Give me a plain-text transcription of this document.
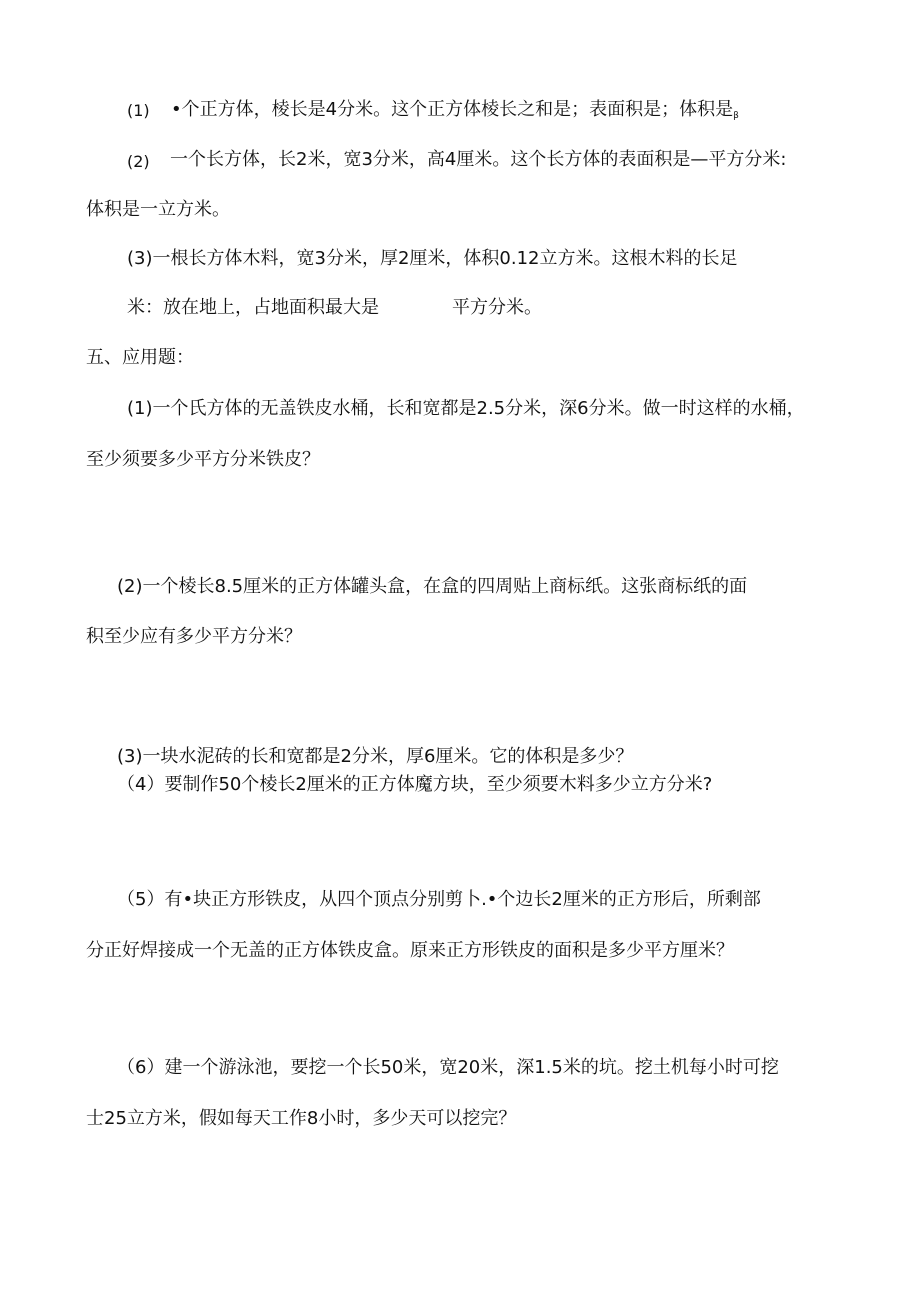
(1) •个正方体，棱长是4分米。这个正方体棱长之和是；表面积是；体积是β
(2) 一个长方体，长2米，宽3分米，高4厘米。这个长方体的表面积是—平方分米:
体积是一立方米。
(3)一根长方体木料，宽3分米，厚2厘米，体积0.12立方米。这根木料的长足
米：放在地上，占地面积最大是	平方分米。
五、应用题：
(1)一个氏方体的无盖铁皮水桶，长和宽都是2.5分米，深6分米。做一时这样的水桶，
至少须要多少平方分米铁皮？
(2)一个棱长8.5厘米的正方体罐头盒，在盒的四周贴上商标纸。这张商标纸的面
积至少应有多少平方分米？
(3)一块水泥砖的长和宽都是2分米，厚6厘米。它的体积是多少？
（4）要制作50个棱长2厘米的正方体魔方块，至少须要木料多少立方分米?
（5）有•块正方形铁皮，从四个顶点分别剪卜.•个边长2厘米的正方形后，所剩部
分正好焊接成一个无盖的正方体铁皮盒。原来正方形铁皮的面积是多少平方厘米？
（6）建一个游泳池，要挖一个长50米，宽20米，深1.5米的坑。挖土机每小时可挖
士25立方米，假如每天工作8小时，多少天可以挖完？
